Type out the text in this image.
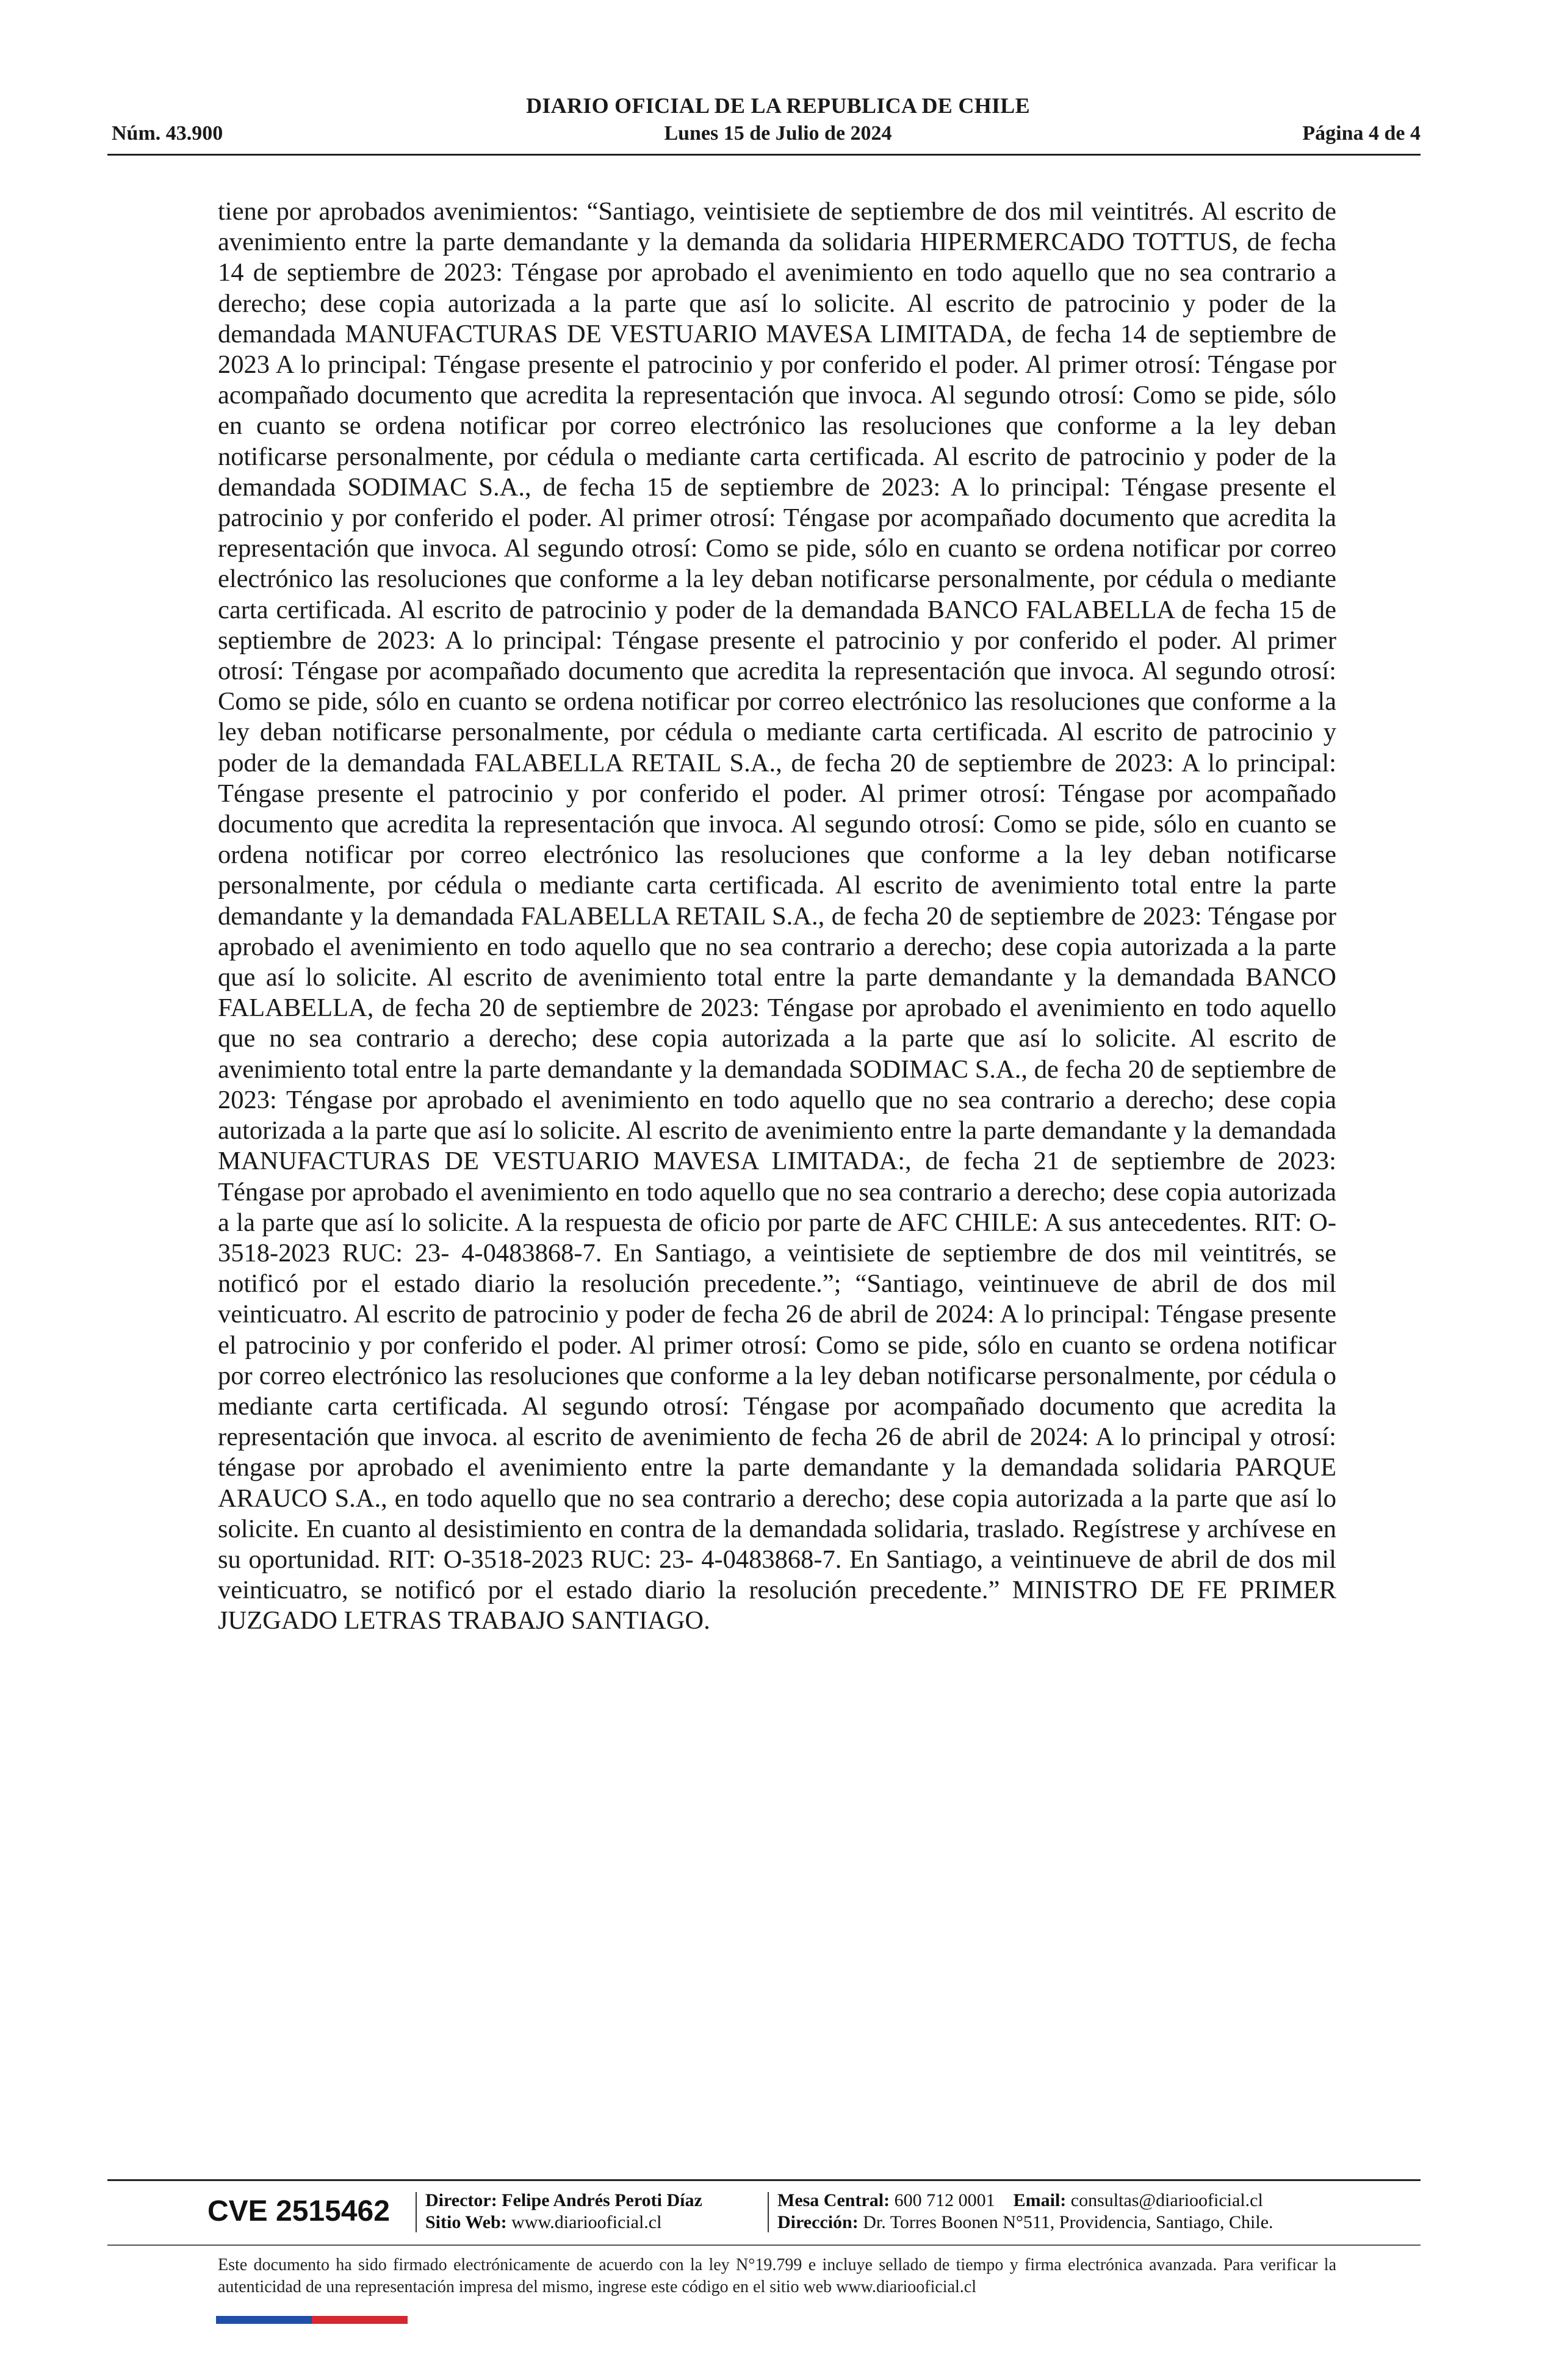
DIARIO OFICIAL DE LA REPUBLICA DE CHILE
Núm. 43.900	Lunes 15 de Julio de 2024	Página 4 de 4
tiene por aprobados avenimientos: “Santiago, veintisiete de septiembre de dos mil veintitrés. Al escrito de avenimiento entre la parte demandante y la demanda da solidaria HIPERMERCADO TOTTUS, de fecha 14 de septiembre de 2023: Téngase por aprobado el avenimiento en todo aquello que no sea contrario a derecho; dese copia autorizada a la parte que así lo solicite. Al escrito de patrocinio y poder de la demandada MANUFACTURAS DE VESTUARIO MAVESA LIMITADA, de fecha 14 de septiembre de 2023 A lo principal: Téngase presente el patrocinio y por conferido el poder. Al primer otrosí: Téngase por acompañado documento que acredita la representación que invoca. Al segundo otrosí: Como se pide, sólo en cuanto se ordena notificar por correo electrónico las resoluciones que conforme a la ley deban notificarse personalmente, por cédula o mediante carta certificada. Al escrito de patrocinio y poder de la demandada SODIMAC S.A., de fecha 15 de septiembre de 2023: A lo principal: Téngase presente el patrocinio y por conferido el poder. Al primer otrosí: Téngase por acompañado documento que acredita la representación que invoca. Al segundo otrosí: Como se pide, sólo en cuanto se ordena notificar por correo electrónico las resoluciones que conforme a la ley deban notificarse personalmente, por cédula o mediante carta certificada. Al escrito de patrocinio y poder de la demandada BANCO FALABELLA de fecha 15 de septiembre de 2023: A lo principal: Téngase presente el patrocinio y por conferido el poder. Al primer otrosí: Téngase por acompañado documento que acredita la representación que invoca. Al segundo otrosí: Como se pide, sólo en cuanto se ordena notificar por correo electrónico las resoluciones que conforme a la ley deban notificarse personalmente, por cédula o mediante carta certificada. Al escrito de patrocinio y poder de la demandada FALABELLA RETAIL S.A., de fecha 20 de septiembre de 2023: A lo principal: Téngase presente el patrocinio y por conferido el poder. Al primer otrosí: Téngase por acompañado documento que acredita la representación que invoca. Al segundo otrosí: Como se pide, sólo en cuanto se ordena notificar por correo electrónico las resoluciones que conforme a la ley deban notificarse personalmente, por cédula o mediante carta certificada. Al escrito de avenimiento total entre la parte demandante y la demandada FALABELLA RETAIL S.A., de fecha 20 de septiembre de 2023: Téngase por aprobado el avenimiento en todo aquello que no sea contrario a derecho; dese copia autorizada a la parte que así lo solicite. Al escrito de avenimiento total entre la parte demandante y la demandada BANCO FALABELLA, de fecha 20 de septiembre de 2023: Téngase por aprobado el avenimiento en todo aquello que no sea contrario a derecho; dese copia autorizada a la parte que así lo solicite. Al escrito de avenimiento total entre la parte demandante y la demandada SODIMAC S.A., de fecha 20 de septiembre de 2023: Téngase por aprobado el avenimiento en todo aquello que no sea contrario a derecho; dese copia autorizada a la parte que así lo solicite. Al escrito de avenimiento entre la parte demandante y la demandada MANUFACTURAS DE VESTUARIO MAVESA LIMITADA:, de fecha 21 de septiembre de 2023: Téngase por aprobado el avenimiento en todo aquello que no sea contrario a derecho; dese copia autorizada a la parte que así lo solicite. A la respuesta de oficio por parte de AFC CHILE: A sus antecedentes. RIT: O-3518-2023 RUC: 23- 4-0483868-7. En Santiago, a veintisiete de septiembre de dos mil veintitrés, se notificó por el estado diario la resolución precedente.”; “Santiago, veintinueve de abril de dos mil veinticuatro. Al escrito de patrocinio y poder de fecha 26 de abril de 2024: A lo principal: Téngase presente el patrocinio y por conferido el poder. Al primer otrosí: Como se pide, sólo en cuanto se ordena notificar por correo electrónico las resoluciones que conforme a la ley deban notificarse personalmente, por cédula o mediante carta certificada. Al segundo otrosí: Téngase por acompañado documento que acredita la representación que invoca. al escrito de avenimiento de fecha 26 de abril de 2024: A lo principal y otrosí: téngase por aprobado el avenimiento entre la parte demandante y la demandada solidaria PARQUE ARAUCO S.A., en todo aquello que no sea contrario a derecho; dese copia autorizada a la parte que así lo solicite. En cuanto al desistimiento en contra de la demandada solidaria, traslado. Regístrese y archívese en su oportunidad. RIT: O-3518-2023 RUC: 23- 4-0483868-7. En Santiago, a veintinueve de abril de dos mil veinticuatro, se notificó por el estado diario la resolución precedente.” MINISTRO DE FE PRIMER JUZGADO LETRAS TRABAJO SANTIAGO.
CVE 2515462	Director: Felipe Andrés Peroti Díaz
Sitio Web: www.diariooficial.cl
Mesa Central: 600 712 0001 Email: consultas@diariooficial.cl
Dirección: Dr. Torres Boonen N°511, Providencia, Santiago, Chile.
Este documento ha sido firmado electrónicamente de acuerdo con la ley N°19.799 e incluye sellado de tiempo y firma electrónica avanzada. Para verificar la autenticidad de una representación impresa del mismo, ingrese este código en el sitio web www.diariooficial.cl
